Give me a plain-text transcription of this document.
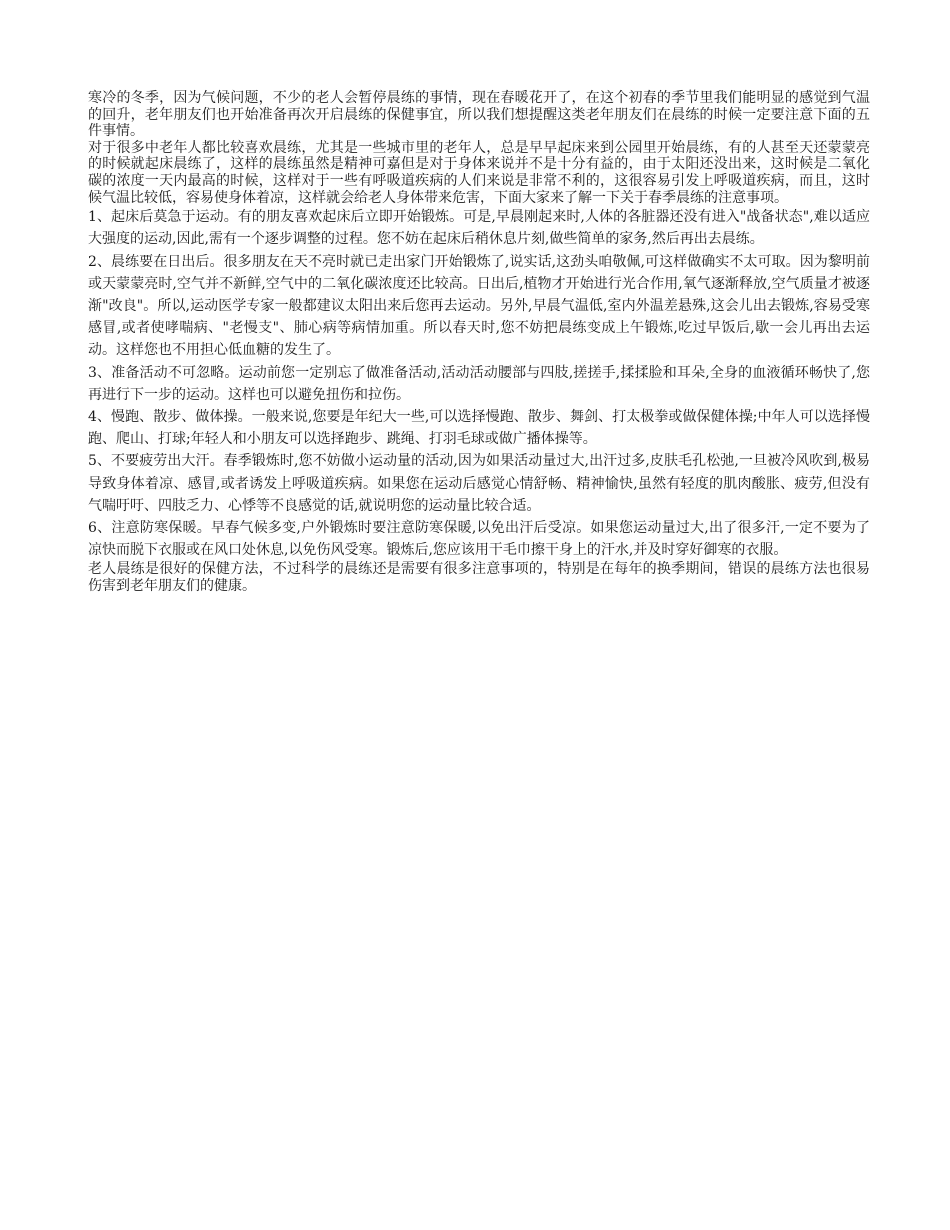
寒冷的冬季，因为气候问题，不少的老人会暂停晨练的事情，现在春暖花开了，在这个初春的季节里我们能明显的感觉到气温的回升，老年朋友们也开始准备再次开启晨练的保健事宜，所以我们想提醒这类老年朋友们在晨练的时候一定要注意下面的五件事情。

对于很多中老年人都比较喜欢晨练，尤其是一些城市里的老年人，总是早早起床来到公园里开始晨练，有的人甚至天还蒙蒙亮的时候就起床晨练了，这样的晨练虽然是精神可嘉但是对于身体来说并不是十分有益的，由于太阳还没出来，这时候是二氧化碳的浓度一天内最高的时候，这样对于一些有呼吸道疾病的人们来说是非常不利的，这很容易引发上呼吸道疾病，而且，这时候气温比较低，容易使身体着凉，这样就会给老人身体带来危害，下面大家来了解一下关于春季晨练的注意事项。

1、起床后莫急于运动。有的朋友喜欢起床后立即开始锻炼。可是,早晨刚起来时,人体的各脏器还没有进入"战备状态",难以适应大强度的运动,因此,需有一个逐步调整的过程。您不妨在起床后稍休息片刻,做些简单的家务,然后再出去晨练。

2、晨练要在日出后。很多朋友在天不亮时就已走出家门开始锻炼了,说实话,这劲头咱敬佩,可这样做确实不太可取。因为黎明前或天蒙蒙亮时,空气并不新鲜,空气中的二氧化碳浓度还比较高。日出后,植物才开始进行光合作用,氧气逐渐释放,空气质量才被逐渐"改良"。所以,运动医学专家一般都建议太阳出来后您再去运动。另外,早晨气温低,室内外温差悬殊,这会儿出去锻炼,容易受寒感冒,或者使哮喘病、"老慢支"、肺心病等病情加重。所以春天时,您不妨把晨练变成上午锻炼,吃过早饭后,歇一会儿再出去运动。这样您也不用担心低血糖的发生了。

3、准备活动不可忽略。运动前您一定别忘了做准备活动,活动活动腰部与四肢,搓搓手,揉揉脸和耳朵,全身的血液循环畅快了,您再进行下一步的运动。这样也可以避免扭伤和拉伤。

4、慢跑、散步、做体操。一般来说,您要是年纪大一些,可以选择慢跑、散步、舞剑、打太极拳或做保健体操;中年人可以选择慢跑、爬山、打球;年轻人和小朋友可以选择跑步、跳绳、打羽毛球或做广播体操等。

5、不要疲劳出大汗。春季锻炼时,您不妨做小运动量的活动,因为如果活动量过大,出汗过多,皮肤毛孔松弛,一旦被冷风吹到,极易导致身体着凉、感冒,或者诱发上呼吸道疾病。如果您在运动后感觉心情舒畅、精神愉快,虽然有轻度的肌肉酸胀、疲劳,但没有气喘吁吁、四肢乏力、心悸等不良感觉的话,就说明您的运动量比较合适。

6、注意防寒保暖。早春气候多变,户外锻炼时要注意防寒保暖,以免出汗后受凉。如果您运动量过大,出了很多汗,一定不要为了凉快而脱下衣服或在风口处休息,以免伤风受寒。锻炼后,您应该用干毛巾擦干身上的汗水,并及时穿好御寒的衣服。

老人晨练是很好的保健方法，不过科学的晨练还是需要有很多注意事项的，特别是在每年的换季期间，错误的晨练方法也很易伤害到老年朋友们的健康。
